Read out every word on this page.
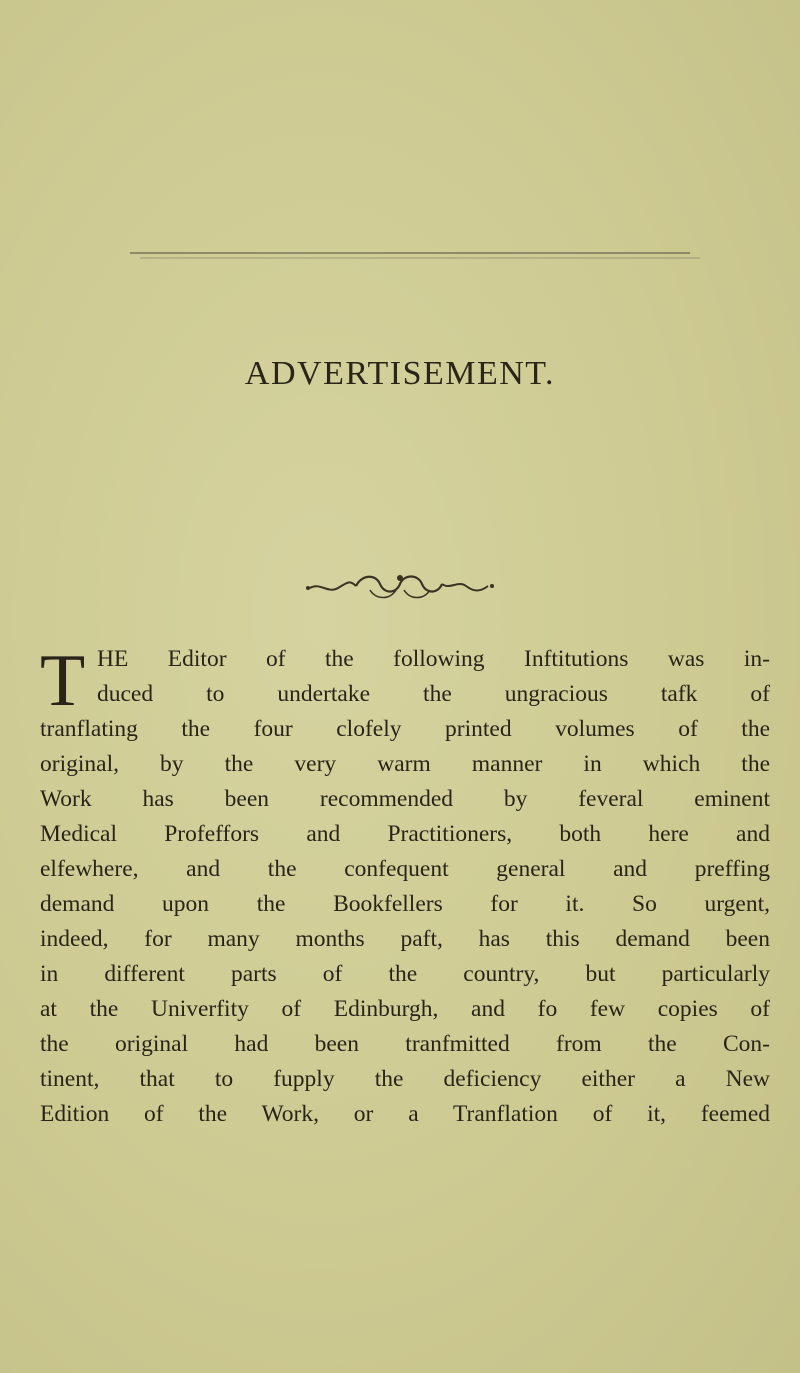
ADVERTISEMENT.
T HE Editor of the following Inftitutions was in-
duced to undertake the ungracious tafk of
tranflating the four clofely printed volumes of the
original, by the very warm manner in which the
Work has been recommended by feveral eminent
Medical Profeffors and Practitioners, both here and
elfewhere, and the confequent general and preffing
demand upon the Bookfellers for it. So urgent,
indeed, for many months paft, has this demand been
in different parts of the country, but particularly
at the Univerfity of Edinburgh, and fo few copies of
the original had been tranfmitted from the Con-
tinent, that to fupply the deficiency either a New
Edition of the Work, or a Tranflation of it, feemed
